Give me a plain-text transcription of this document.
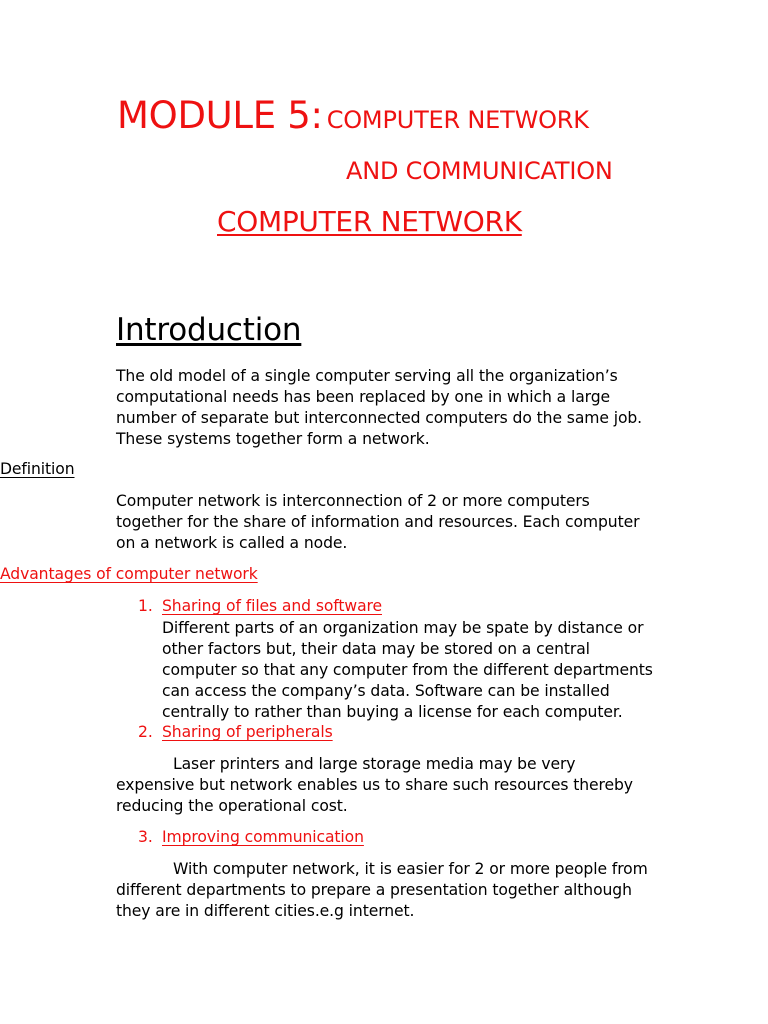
MODULE 5: COMPUTER NETWORK
AND COMMUNICATION
COMPUTER NETWORK
Introduction
The old model of a single computer serving all the organization’s computational needs has been replaced by one in which a large number of separate but interconnected computers do the same job. These systems together form a network.
Definition
Computer network is interconnection of 2 or more computers together for the share of information and resources. Each computer on a network is called a node.
Advantages of computer network
1. Sharing of files and software
Different parts of an organization may be spate by distance or other factors but, their data may be stored on a central computer so that any computer from the different departments can access the company’s data. Software can be installed centrally to rather than buying a license for each computer.
2. Sharing of peripherals
Laser printers and large storage media may be very expensive but network enables us to share such resources thereby reducing the operational cost.
3. Improving communication
With computer network, it is easier for 2 or more people from different departments to prepare a presentation together although they are in different cities.e.g internet.
